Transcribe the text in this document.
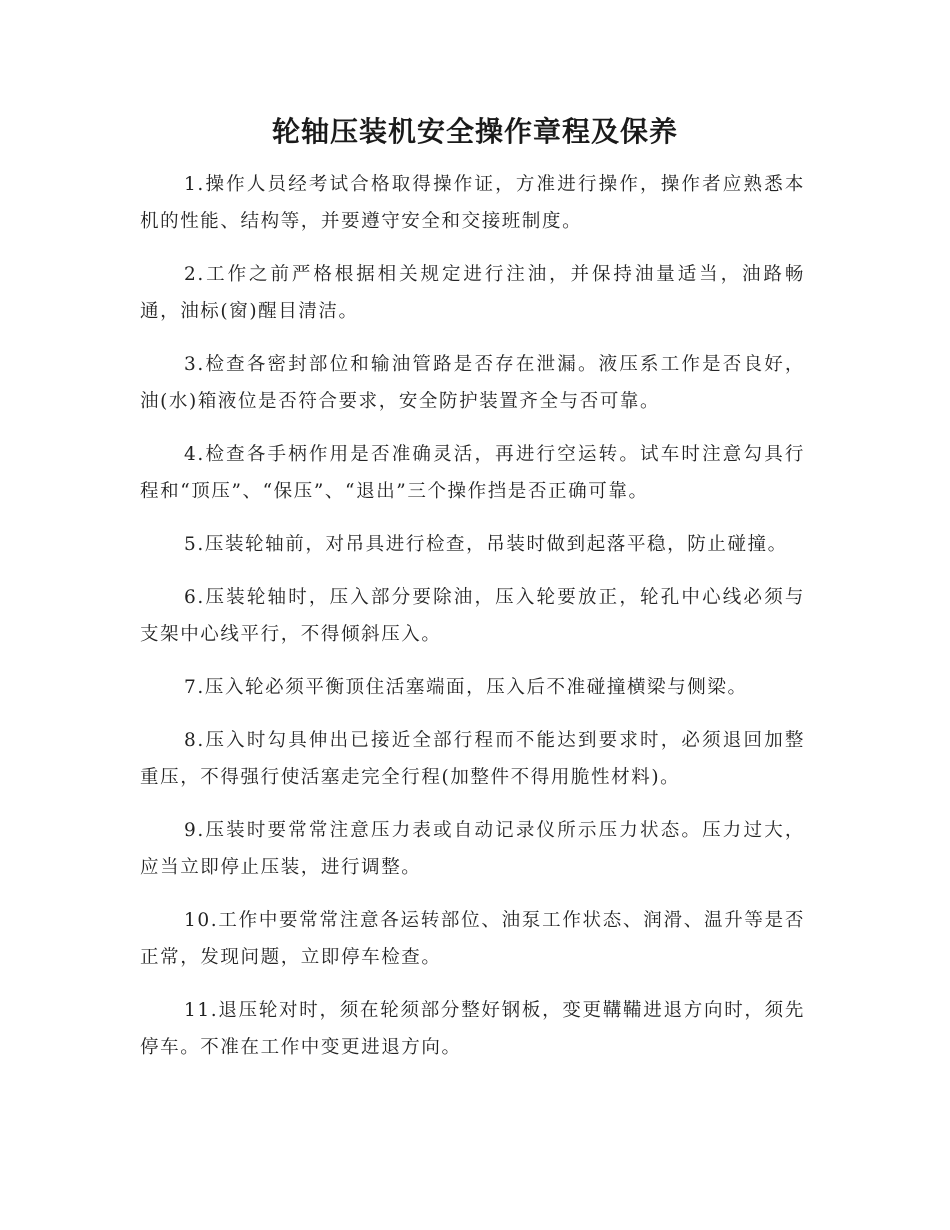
轮轴压装机安全操作章程及保养

1.操作人员经考试合格取得操作证，方准进行操作，操作者应熟悉本机的性能、结构等，并要遵守安全和交接班制度。

2.工作之前严格根据相关规定进行注油，并保持油量适当，油路畅通，油标(窗)醒目清洁。

3.检查各密封部位和输油管路是否存在泄漏。液压系工作是否良好，油(水)箱液位是否符合要求，安全防护装置齐全与否可靠。

4.检查各手柄作用是否准确灵活，再进行空运转。试车时注意勾具行程和“顶压”、“保压”、“退出”三个操作挡是否正确可靠。

5.压装轮轴前，对吊具进行检查，吊装时做到起落平稳，防止碰撞。

6.压装轮轴时，压入部分要除油，压入轮要放正，轮孔中心线必须与支架中心线平行，不得倾斜压入。

7.压入轮必须平衡顶住活塞端面，压入后不准碰撞横梁与侧梁。

8.压入时勾具伸出已接近全部行程而不能达到要求时，必须退回加整重压，不得强行使活塞走完全行程(加整件不得用脆性材料)。

9.压装时要常常注意压力表或自动记录仪所示压力状态。压力过大，应当立即停止压装，进行调整。

10.工作中要常常注意各运转部位、油泵工作状态、润滑、温升等是否正常，发现问题，立即停车检查。

11.退压轮对时，须在轮须部分整好钢板，变更鞲鞴进退方向时，须先停车。不准在工作中变更进退方向。
